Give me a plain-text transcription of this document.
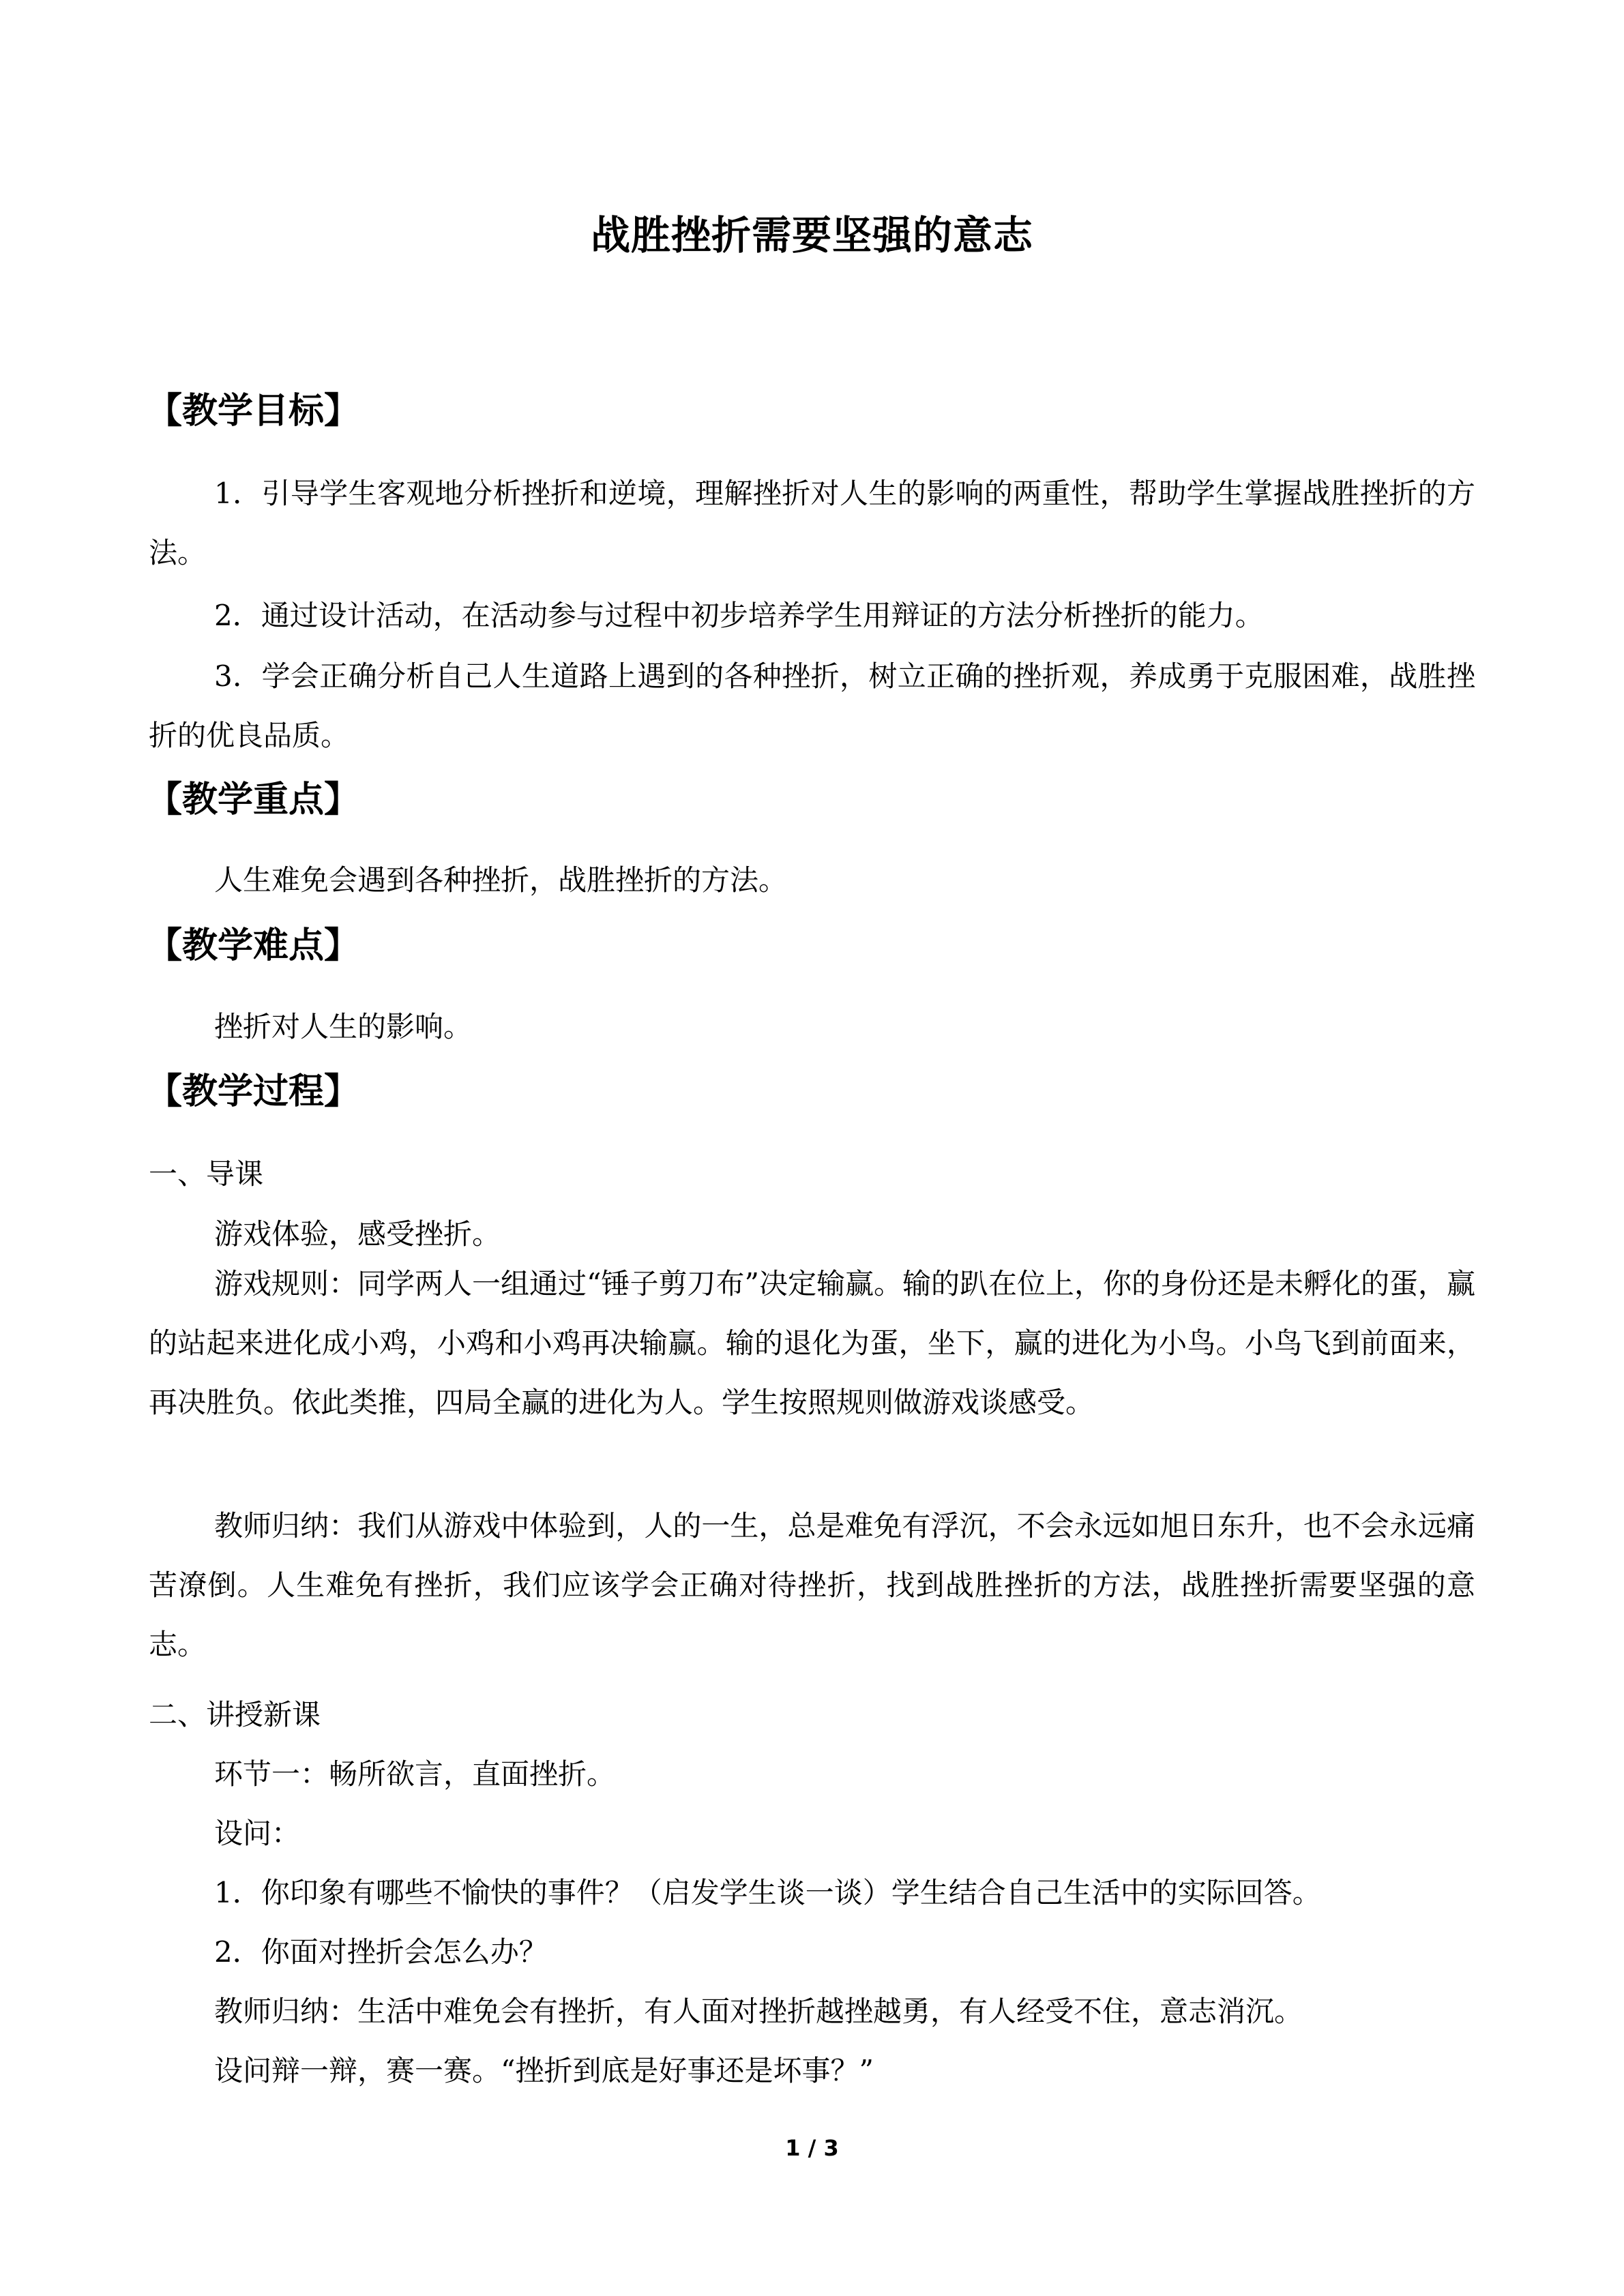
战胜挫折需要坚强的意志
【教学目标】
1．引导学生客观地分析挫折和逆境，理解挫折对人生的影响的两重性，帮助学生掌握战胜挫折的方法。
2．通过设计活动，在活动参与过程中初步培养学生用辩证的方法分析挫折的能力。
3．学会正确分析自己人生道路上遇到的各种挫折，树立正确的挫折观，养成勇于克服困难，战胜挫折的优良品质。
【教学重点】
人生难免会遇到各种挫折，战胜挫折的方法。
【教学难点】
挫折对人生的影响。
【教学过程】
一、导课
游戏体验，感受挫折。
游戏规则：同学两人一组通过“锤子剪刀布”决定输赢。输的趴在位上，你的身份还是未孵化的蛋，赢的站起来进化成小鸡，小鸡和小鸡再决输赢。输的退化为蛋，坐下，赢的进化为小鸟。小鸟飞到前面来，再决胜负。依此类推，四局全赢的进化为人。学生按照规则做游戏谈感受。
教师归纳：我们从游戏中体验到，人的一生，总是难免有浮沉，不会永远如旭日东升，也不会永远痛苦潦倒。人生难免有挫折，我们应该学会正确对待挫折，找到战胜挫折的方法，战胜挫折需要坚强的意志。
二、讲授新课
环节一：畅所欲言，直面挫折。
设问：
1．你印象有哪些不愉快的事件？（启发学生谈一谈）学生结合自己生活中的实际回答。
2．你面对挫折会怎么办？
教师归纳：生活中难免会有挫折，有人面对挫折越挫越勇，有人经受不住，意志消沉。
设问辩一辩，赛一赛。“挫折到底是好事还是坏事？”
1 / 3
